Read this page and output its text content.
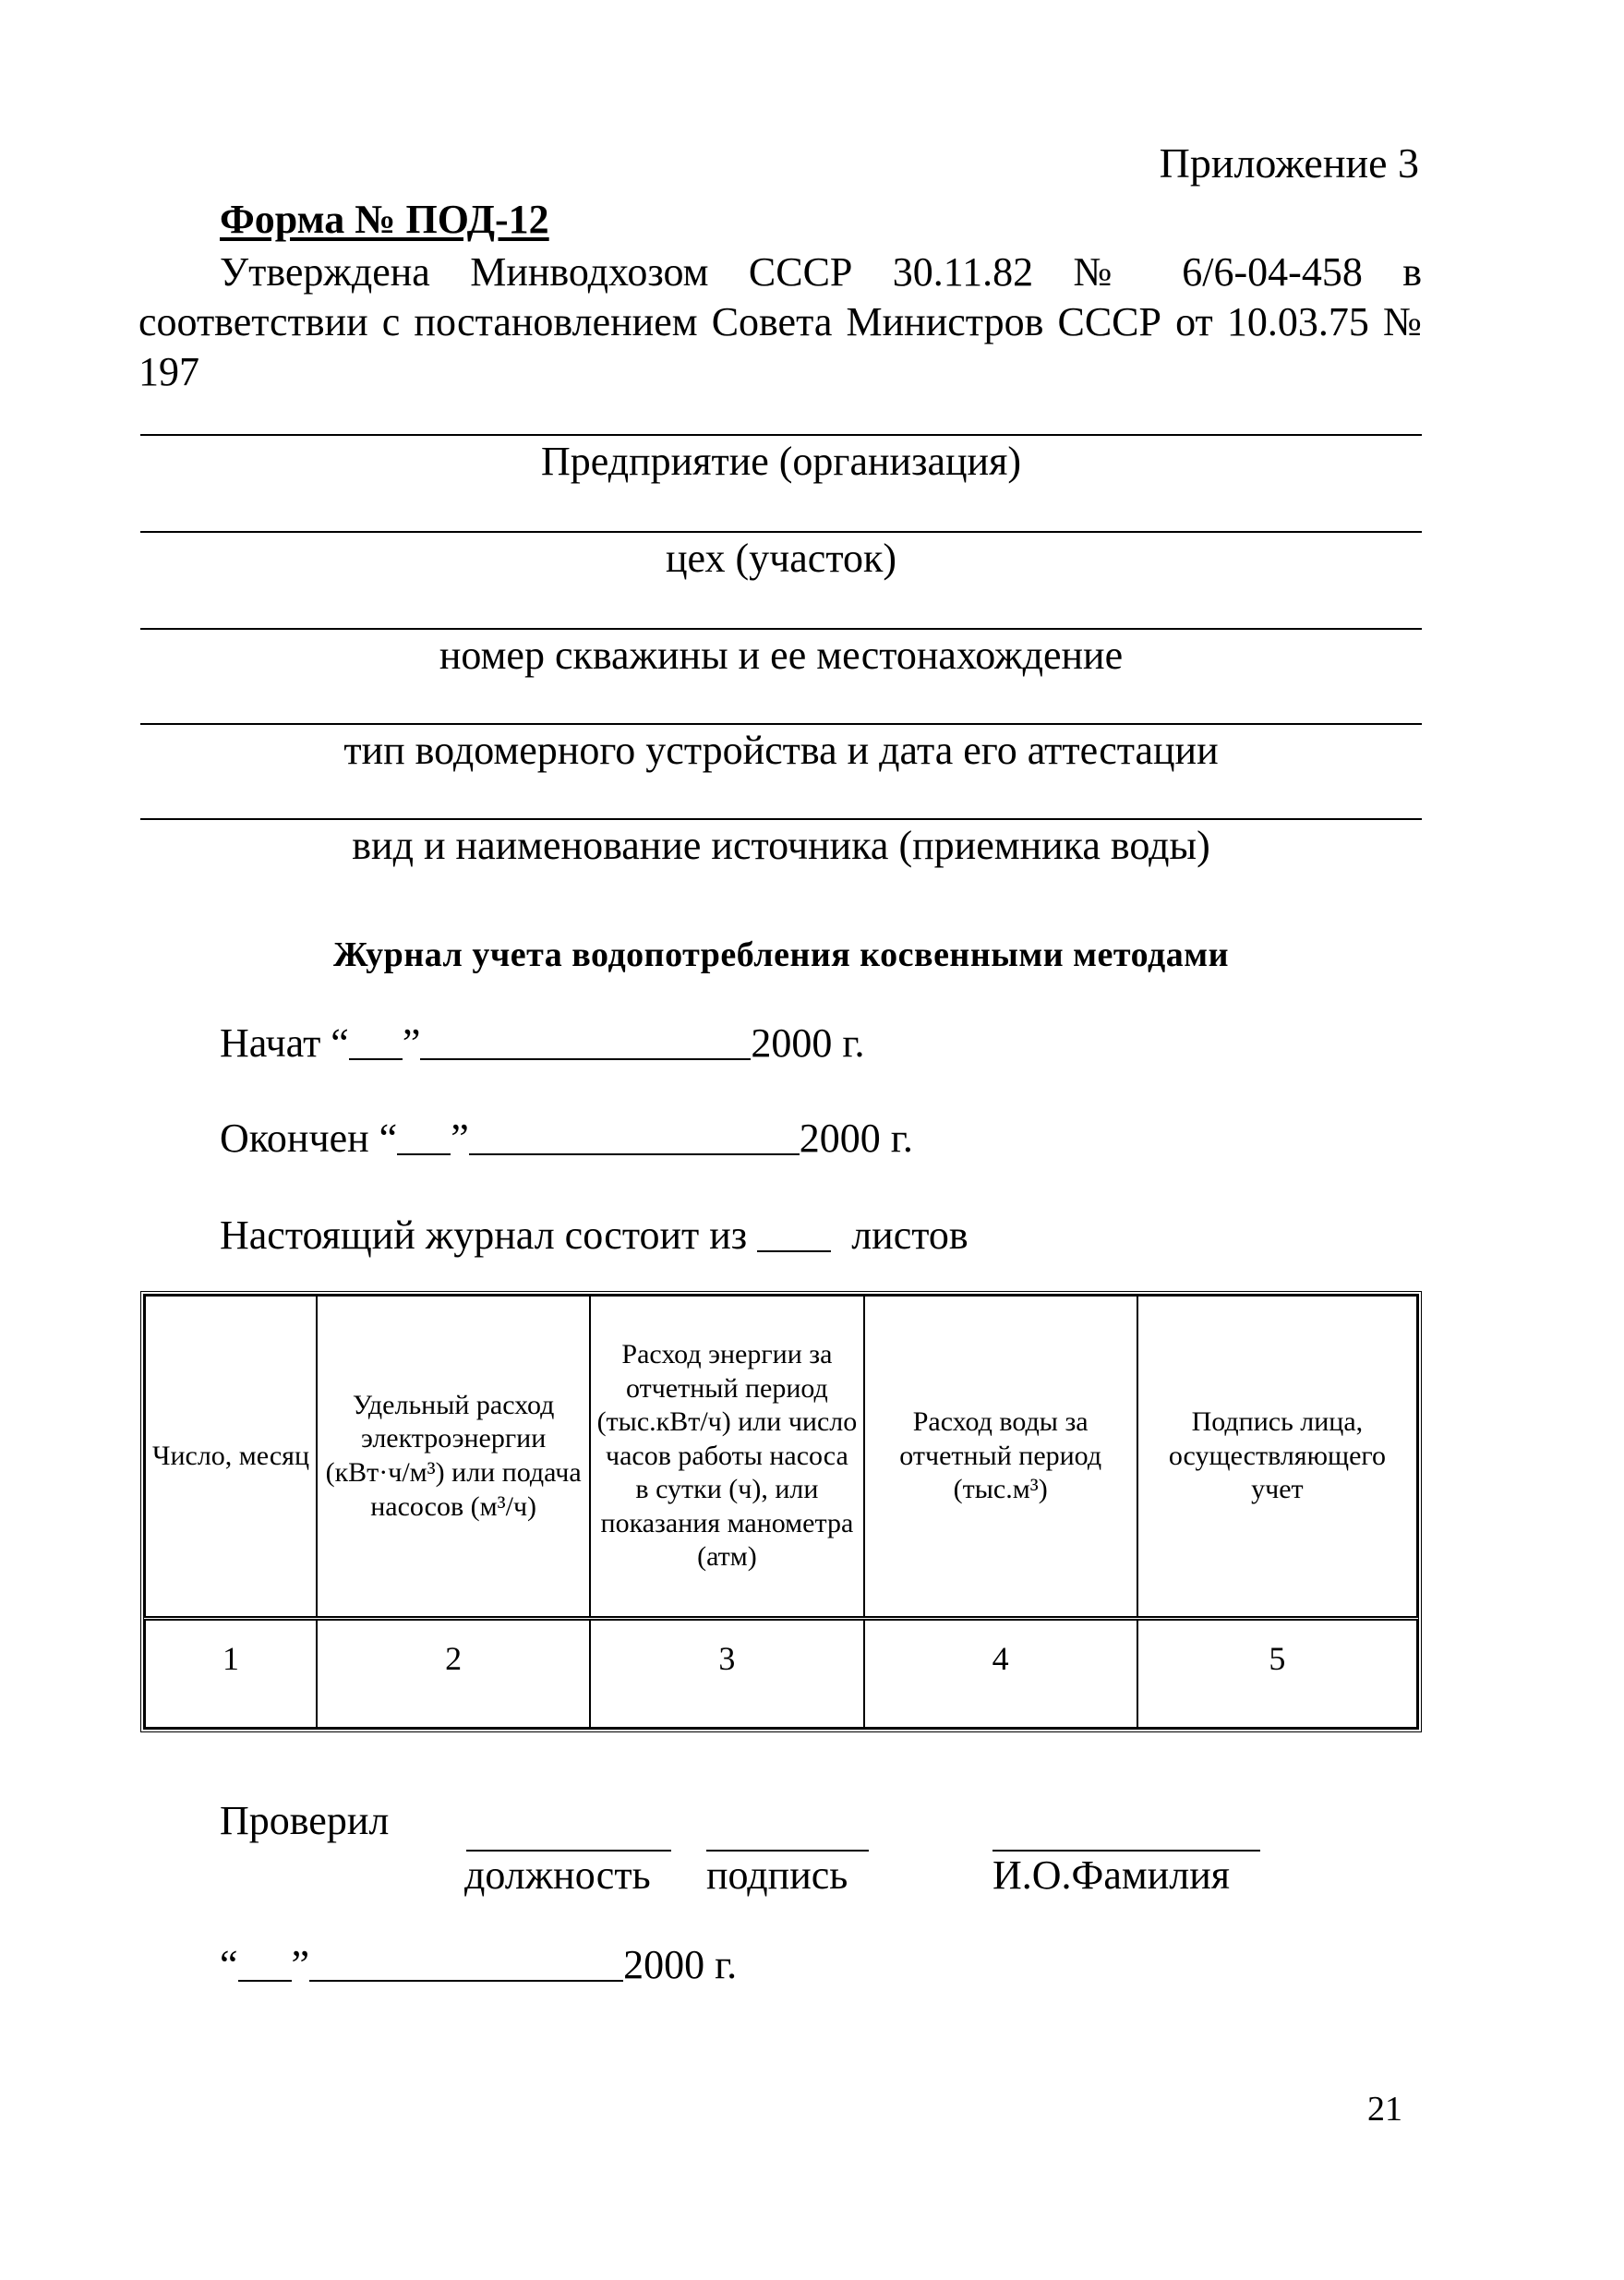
Приложение 3
Форма № ПОД-12
Утверждена Минводхозом СССР 30.11.82 № 6/6-04-458 в соответствии с постановлением Совета Министров СССР от 10.03.75 № 197
Предприятие (организация)
цех (участок)
номер скважины и ее местонахождение
тип водомерного устройства и дата его аттестации
вид и наименование источника (приемника воды)
Журнал учета водопотребления косвенными методами
Начат “ ”	2000 г.
Окончен “ ”	2000 г.
Настоящий журнал состоит из	листов
Число, месяц	Удельный расход электроэнергии (кВт·ч/м³) или подача насосов (м³/ч)	Расход энергии за отчетный период (тыс.кВт/ч) или число часов работы насоса в сутки (ч), или показания манометра (атм)	Расход воды за отчетный период (тыс.м³)	Подпись лица, осуществляющего учет
1	2	3	4	5
Проверил
должность подпись	И.О.Фамилия
“ ”	2000 г.
21
